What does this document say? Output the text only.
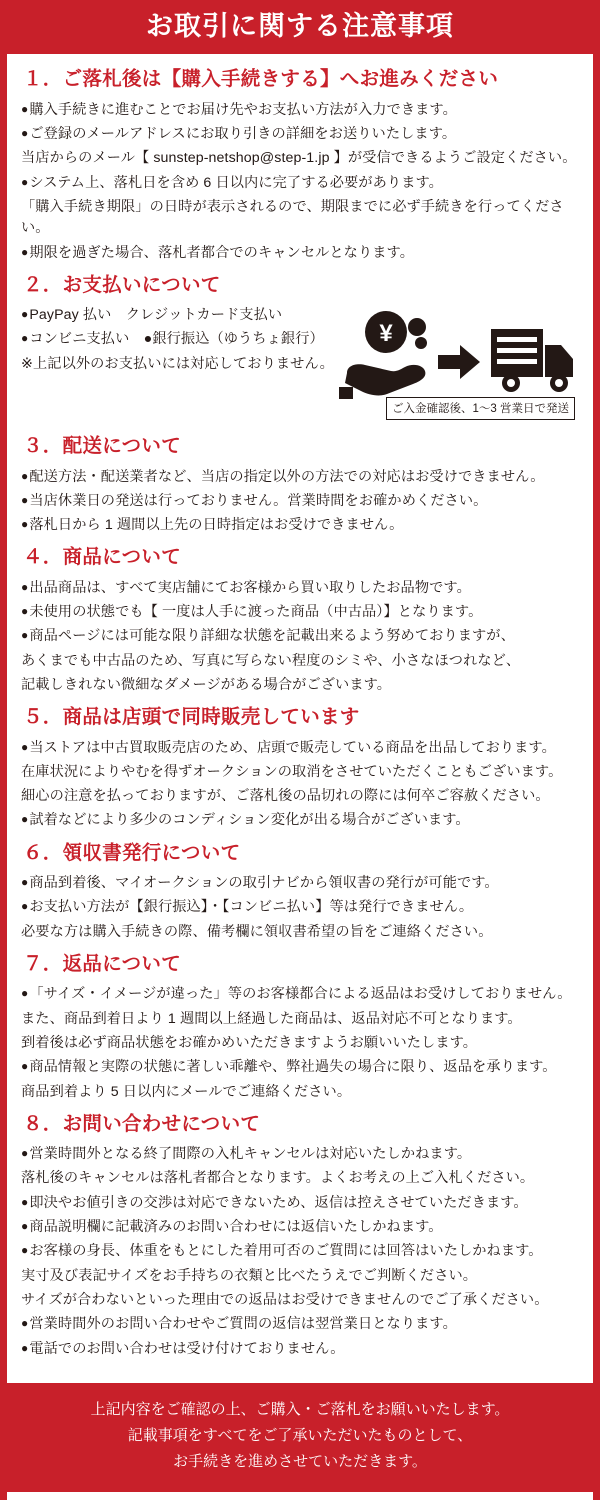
お取引に関する注意事項
１．ご落札後は【購入手続きする】へお進みください

● 購入手続きに進むことでお届け先やお支払い方法が入力できます。

● ご登録のメールアドレスにお取り引きの詳細をお送りいたします。

当店からのメール【 sunstep-netshop@step-1.jp 】が受信できるようご設定ください。

● システム上、落札日を含め 6 日以内に完了する必要があります。

「購入手続き期限」の日時が表示されるので、期限までに必ず手続きを行ってください。

● 期限を過ぎた場合、落札者都合でのキャンセルとなります。

２．お支払いについて

● PayPay 払い　クレジットカード支払い

● コンビニ支払い　●銀行振込（ゆうちょ銀行）

※上記以外のお支払いには対応しておりません。

¥
ご入金確認後、1～3 営業日で発送
３．配送について

● 配送方法・配送業者など、当店の指定以外の方法での対応はお受けできません。

● 当店休業日の発送は行っておりません。営業時間をお確かめください。

● 落札日から 1 週間以上先の日時指定はお受けできません。

４．商品について

● 出品商品は、すべて実店舗にてお客様から買い取りしたお品物です。

● 未使用の状態でも【 一度は人手に渡った商品（中古品）】となります。

● 商品ページには可能な限り詳細な状態を記載出来るよう努めておりますが、

あくまでも中古品のため、写真に写らない程度のシミや、小さなほつれなど、

記載しきれない微細なダメージがある場合がございます。

５．商品は店頭で同時販売しています

● 当ストアは中古買取販売店のため、店頭で販売している商品を出品しております。

在庫状況によりやむを得ずオークションの取消をさせていただくこともございます。

細心の注意を払っておりますが、ご落札後の品切れの際には何卒ご容赦ください。

● 試着などにより多少のコンディション変化が出る場合がございます。

６．領収書発行について

● 商品到着後、マイオークションの取引ナビから領収書の発行が可能です。

● お支払い方法が【銀行振込】・【コンビニ払い】等は発行できません。

必要な方は購入手続きの際、備考欄に領収書希望の旨をご連絡ください。

７．返品について

● 「サイズ・イメージが違った」等のお客様都合による返品はお受けしておりません。

また、商品到着日より 1 週間以上経過した商品は、返品対応不可となります。

到着後は必ず商品状態をお確かめいただきますようお願いいたします。

● 商品情報と実際の状態に著しい乖離や、弊社過失の場合に限り、返品を承ります。

商品到着より 5 日以内にメールでご連絡ください。

８．お問い合わせについて

● 営業時間外となる終了間際の入札キャンセルは対応いたしかねます。

落札後のキャンセルは落札者都合となります。よくお考えの上ご入札ください。

● 即決やお値引きの交渉は対応できないため、返信は控えさせていただきます。

● 商品説明欄に記載済みのお問い合わせには返信いたしかねます。

● お客様の身長、体重をもとにした着用可否のご質問には回答はいたしかねます。

実寸及び表記サイズをお手持ちの衣類と比べたうえでご判断ください。

サイズが合わないといった理由での返品はお受けできませんのでご了承ください。

● 営業時間外のお問い合わせやご質問の返信は翌営業日となります。

● 電話でのお問い合わせは受け付けておりません。

上記内容をご確認の上、ご購入・ご落札をお願いいたします。

記載事項をすべてをご了承いただいたものとして、

お手続きを進めさせていただきます。
